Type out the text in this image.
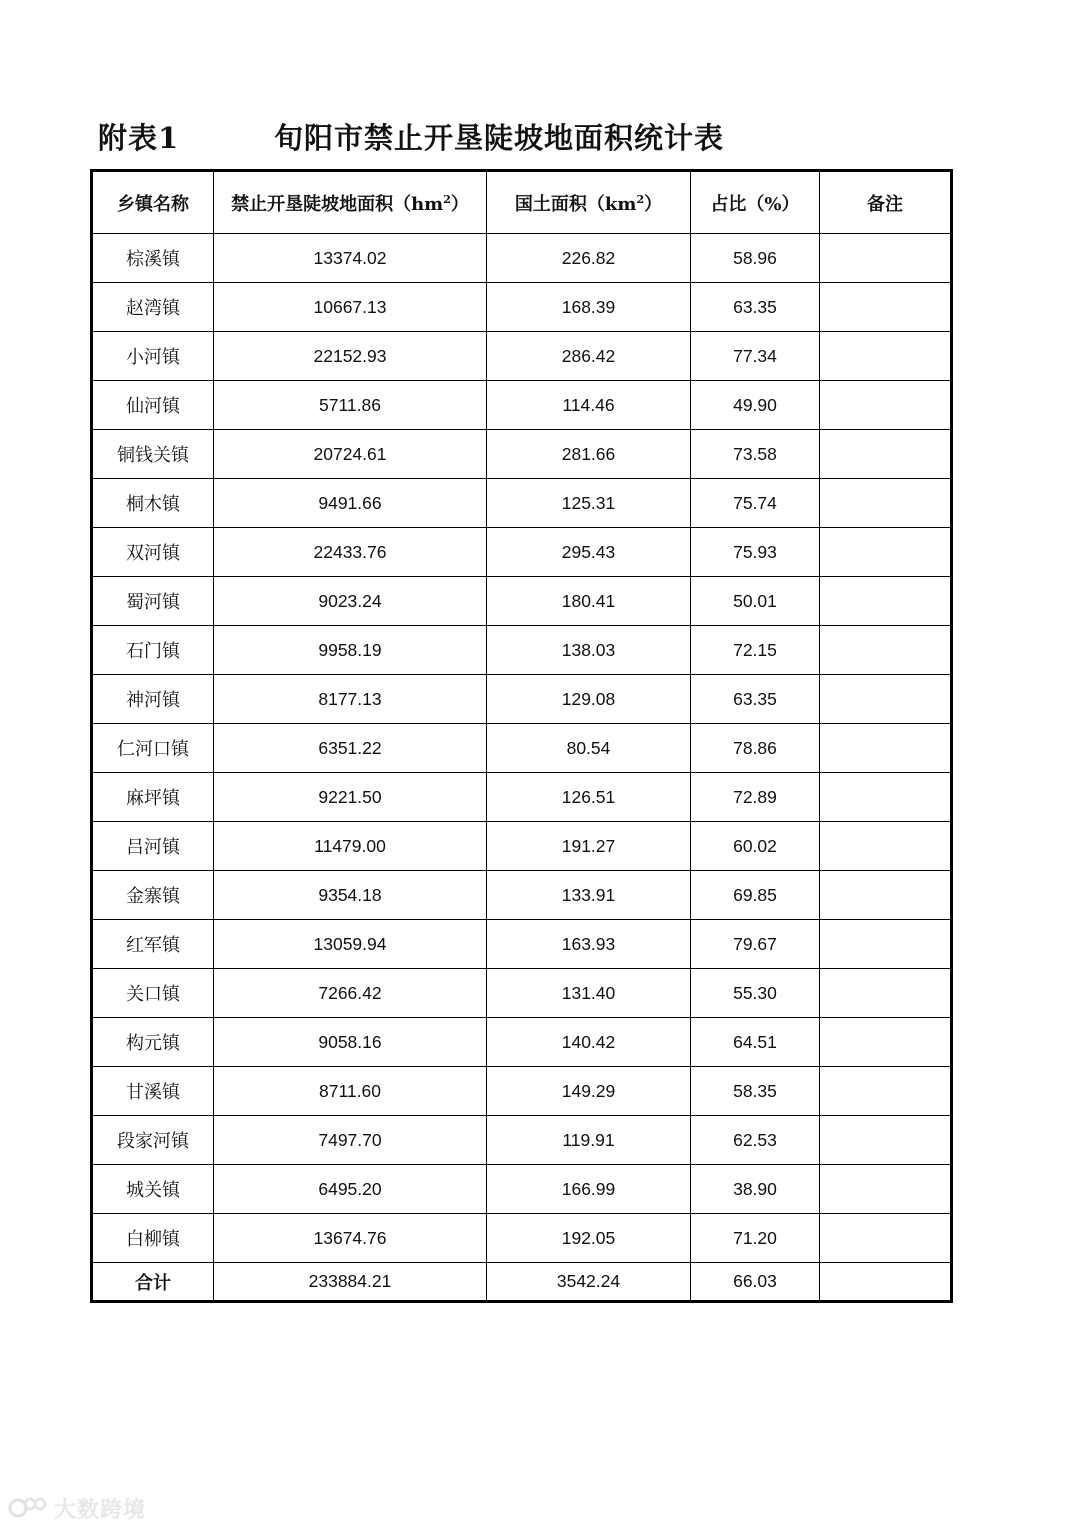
附表1	旬阳市禁止开垦陡坡地面积统计表
乡镇名称	禁止开垦陡坡地面积$(hm^2)$	国土面积$(km^2)$	占比（%）	备注
棕溪镇	13374.02	226.82	58.96	
赵湾镇	10667.13	168.39	63.35	
小河镇	22152.93	286.42	77.34	
仙河镇	5711.86	114.46	49.90	
铜钱关镇	20724.61	281.66	73.58	
桐木镇	9491.66	125.31	75.74	
双河镇	22433.76	295.43	75.93	
蜀河镇	9023.24	180.41	50.01	
石门镇	9958.19	138.03	72.15	
神河镇	8177.13	129.08	63.35	
仁河口镇	6351.22	80.54	78.86	
麻坪镇	9221.50	126.51	72.89	
吕河镇	11479.00	191.27	60.02	
金寨镇	9354.18	133.91	69.85	
红军镇	13059.94	163.93	79.67	
关口镇	7266.42	131.40	55.30	
构元镇	9058.16	140.42	64.51	
甘溪镇	8711.60	149.29	58.35	
段家河镇	7497.70	119.91	62.53	
城关镇	6495.20	166.99	38.90	
白柳镇	13674.76	192.05	71.20	
合计	233884.21	3542.24	66.03	
大数跨境
